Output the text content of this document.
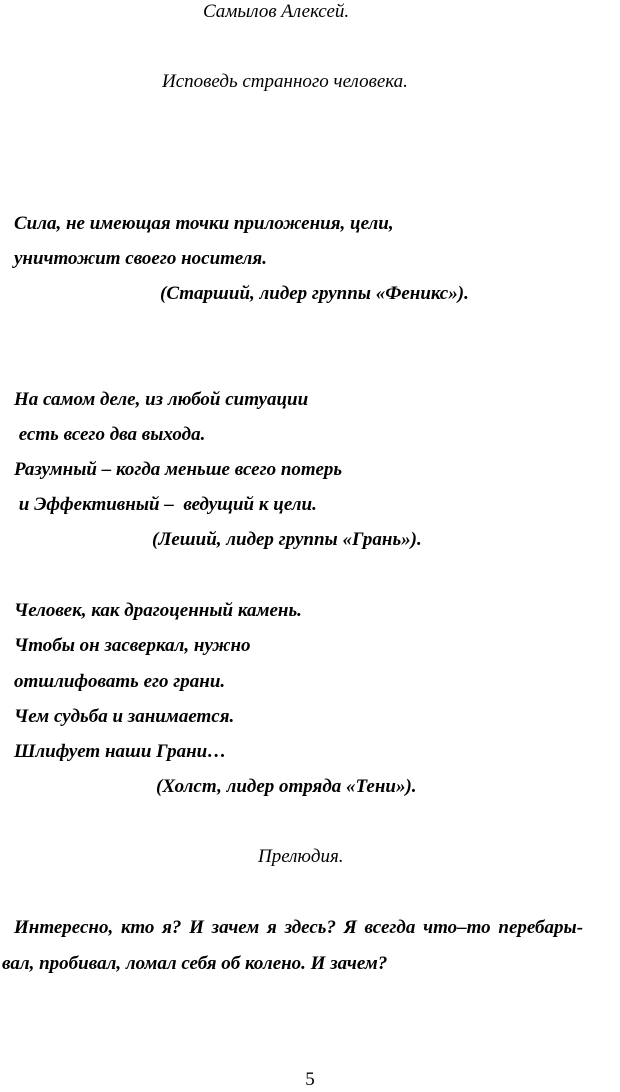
Самылов Алексей.
Исповедь странного человека.
Сила, не имеющая точки приложения, цели,
уничтожит своего носителя.
(Старший, лидер группы «Феникс»).
На самом деле, из любой ситуации
есть всего два выхода.
Разумный – когда меньше всего потерь
и Эффективный –  ведущий к цели.
(Леший, лидер группы «Грань»).
Человек, как драгоценный камень.
Чтобы он засверкал, нужно
отшлифовать его грани.
Чем судьба и занимается.
Шлифует наши Грани…
(Холст, лидер отряда «Тени»).
Прелюдия.
Интересно, кто я? И зачем я здесь? Я всегда что–то перебары-
вал, пробивал, ломал себя об колено. И зачем?
5
